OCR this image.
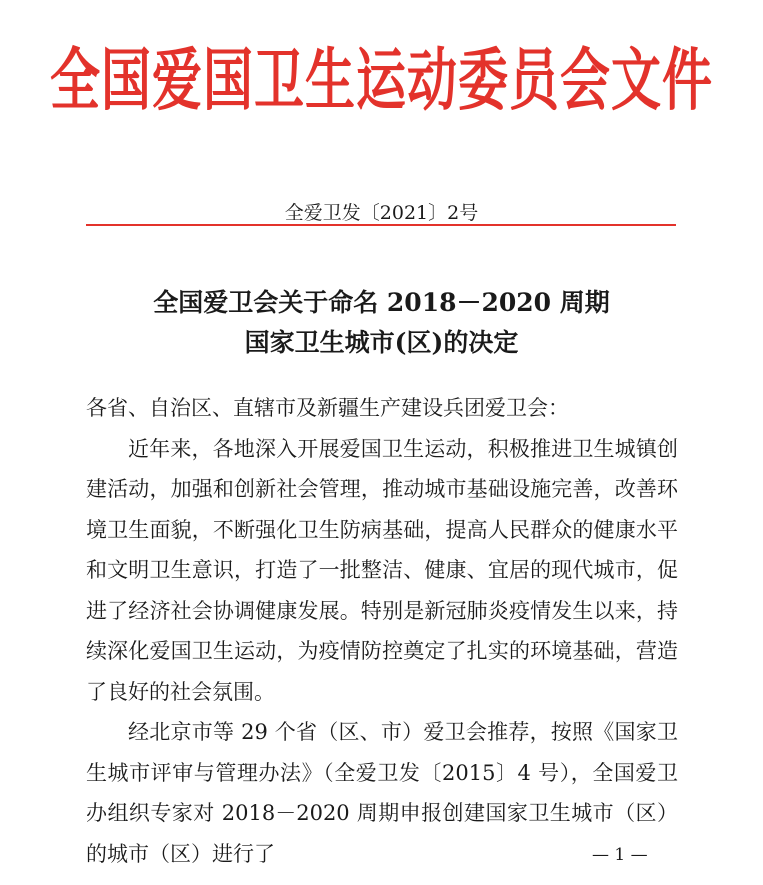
全国爱国卫生运动委员会文件
全爱卫发〔2021〕2号
全国爱卫会关于命名 2018－2020 周期
国家卫生城市(区)的决定

各省、自治区、直辖市及新疆生产建设兵团爱卫会：

近年来，各地深入开展爱国卫生运动，积极推进卫生城镇创建活动，加强和创新社会管理，推动城市基础设施完善，改善环境卫生面貌，不断强化卫生防病基础，提高人民群众的健康水平和文明卫生意识，打造了一批整洁、健康、宜居的现代城市，促进了经济社会协调健康发展。特别是新冠肺炎疫情发生以来，持续深化爱国卫生运动，为疫情防控奠定了扎实的环境基础，营造了良好的社会氛围。

经北京市等 29 个省（区、市）爱卫会推荐，按照《国家卫生城市评审与管理办法》（全爱卫发〔2015〕4 号），全国爱卫办组织专家对 2018－2020 周期申报创建国家卫生城市（区）的城市（区）进行了	— 1 —
